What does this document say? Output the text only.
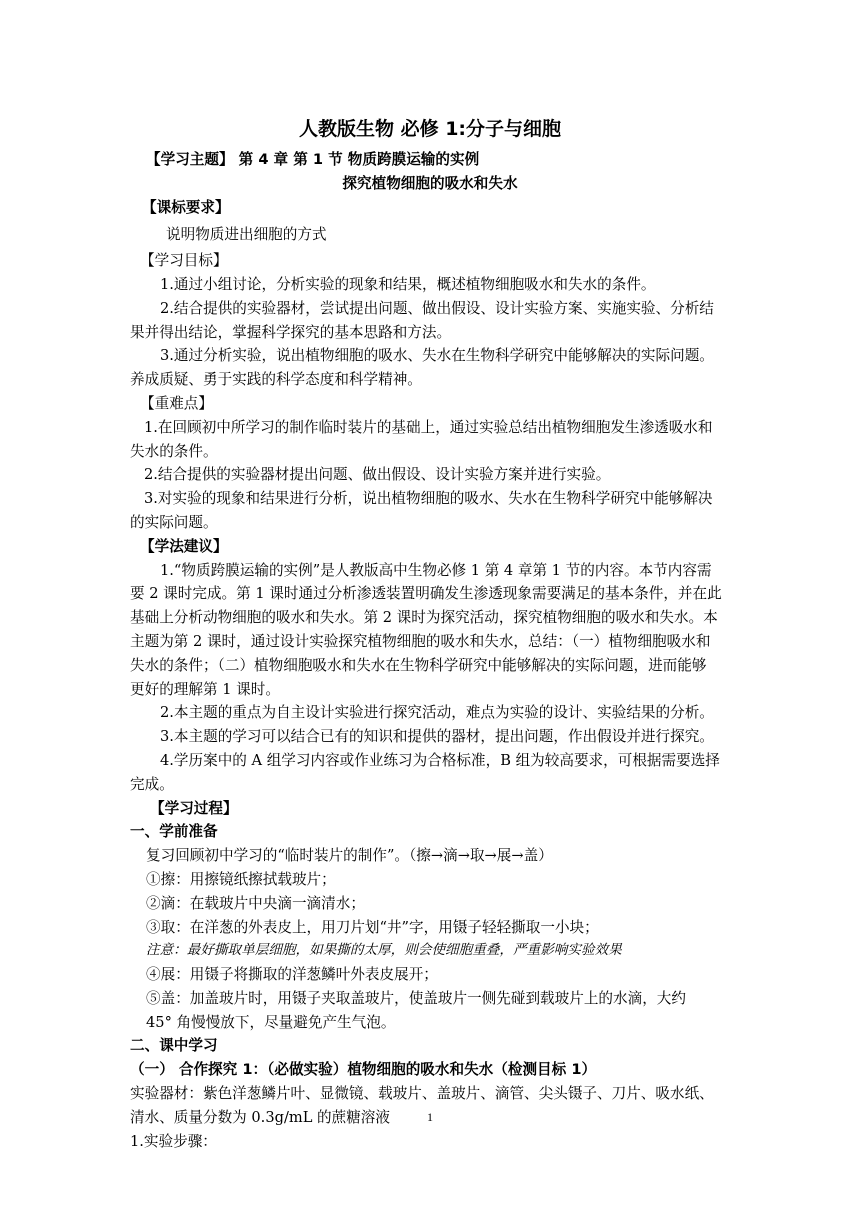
人教版生物 必修 1:分子与细胞
【学习主题】 第 4 章 第 1 节 物质跨膜运输的实例
探究植物细胞的吸水和失水
【课标要求】
说明物质进出细胞的方式
【学习目标】
1.通过小组讨论，分析实验的现象和结果，概述植物细胞吸水和失水的条件。
2.结合提供的实验器材，尝试提出问题、做出假设、设计实验方案、实施实验、分析结
果并得出结论，掌握科学探究的基本思路和方法。
3.通过分析实验，说出植物细胞的吸水、失水在生物科学研究中能够解决的实际问题。
养成质疑、勇于实践的科学态度和科学精神。
【重难点】
1.在回顾初中所学习的制作临时装片的基础上，通过实验总结出植物细胞发生渗透吸水和
失水的条件。
2.结合提供的实验器材提出问题、做出假设、设计实验方案并进行实验。
3.对实验的现象和结果进行分析，说出植物细胞的吸水、失水在生物科学研究中能够解决
的实际问题。
【学法建议】
1.“物质跨膜运输的实例”是人教版高中生物必修 1 第 4 章第 1 节的内容。本节内容需
要 2 课时完成。第 1 课时通过分析渗透装置明确发生渗透现象需要满足的基本条件，并在此
基础上分析动物细胞的吸水和失水。第 2 课时为探究活动，探究植物细胞的吸水和失水。本
主题为第 2 课时，通过设计实验探究植物细胞的吸水和失水，总结：（一）植物细胞吸水和
失水的条件；（二）植物细胞吸水和失水在生物科学研究中能够解决的实际问题，进而能够
更好的理解第 1 课时。
2.本主题的重点为自主设计实验进行探究活动，难点为实验的设计、实验结果的分析。
3.本主题的学习可以结合已有的知识和提供的器材，提出问题，作出假设并进行探究。
4.学历案中的 A 组学习内容或作业练习为合格标准，B 组为较高要求，可根据需要选择
完成。
【学习过程】
一、学前准备
复习回顾初中学习的“临时装片的制作”。（擦→滴→取→展→盖）
①擦：用擦镜纸擦拭载玻片；
②滴：在载玻片中央滴一滴清水；
③取：在洋葱的外表皮上，用刀片划“井”字，用镊子轻轻撕取一小块；
注意：最好撕取单层细胞，如果撕的太厚，则会使细胞重叠，严重影响实验效果
④展：用镊子将撕取的洋葱鳞叶外表皮展开；
⑤盖：加盖玻片时，用镊子夹取盖玻片，使盖玻片一侧先碰到载玻片上的水滴，大约
45° 角慢慢放下，尽量避免产生气泡。
二、课中学习
（一） 合作探究 1：（必做实验）植物细胞的吸水和失水（检测目标 1）
实验器材：紫色洋葱鳞片叶、显微镜、载玻片、盖玻片、滴管、尖头镊子、刀片、吸水纸、
清水、质量分数为 0.3g/mL 的蔗糖溶液
1.实验步骤：
1
